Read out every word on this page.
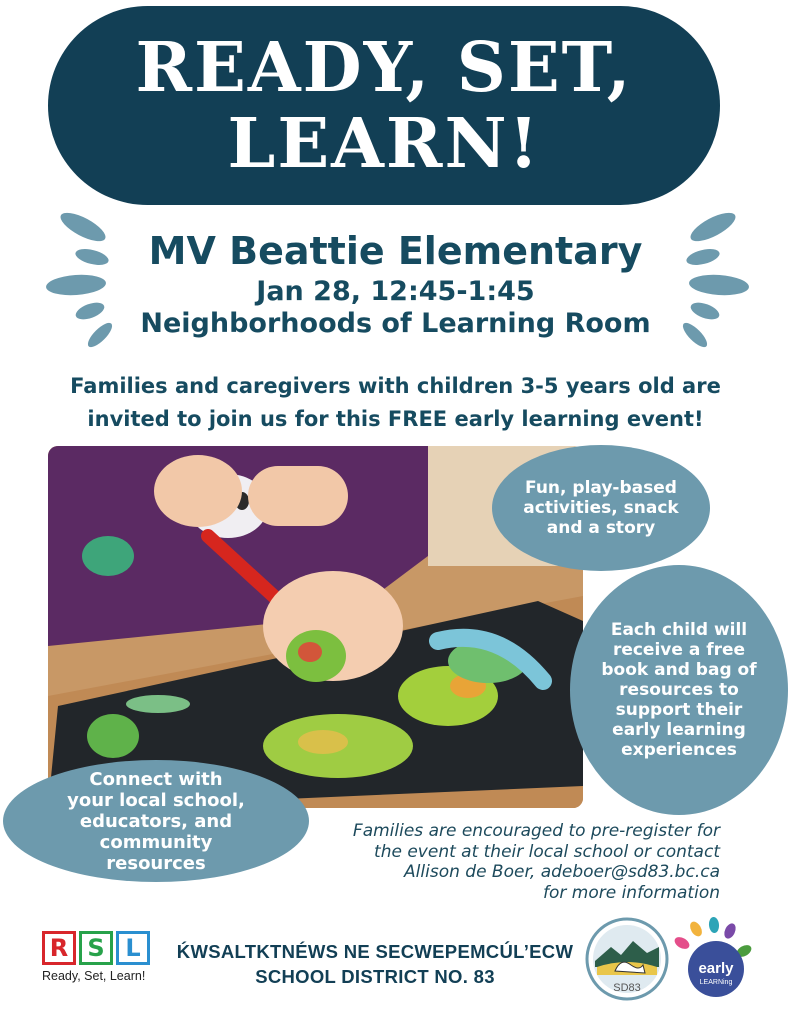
READY, SET,
LEARN!
MV Beattie Elementary
Jan 28, 12:45-1:45
Neighborhoods of Learning Room
Families and caregivers with children 3-5 years old are
invited to join us for this FREE early learning event!
Fun, play-based
activities, snack
and a story
Each child will
receive a free
book and bag of
resources to
support their
early learning
experiences
Connect with
your local school,
educators, and
community resources
Families are encouraged to pre-register for
the event at their local school or contact
Allison de Boer, adeboer@sd83.bc.ca
for more information
R S L
Ready, Set, Learn!
ḰWSALTKTNÉWS NE SECWEPEMCÚL’ECW
SCHOOL DISTRICT NO. 83
SD83
early
LEARNing
